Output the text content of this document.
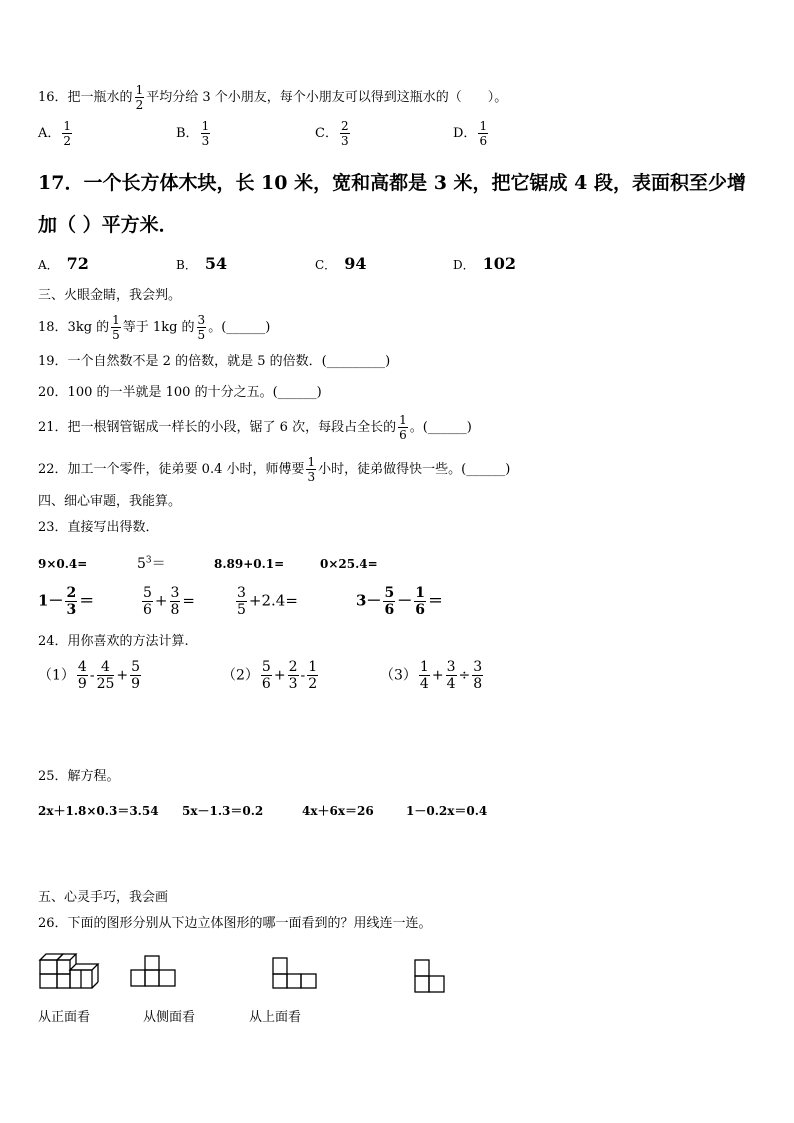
16．把一瓶水的 $\frac{1}{2}$ 平均分给 3 个小朋友，每个小朋友可以得到这瓶水的（　　）。
A． $\frac{1}{2}$	B． $\frac{1}{3}$	C． $\frac{2}{3}$	D． $\frac{1}{6}$
17．一个长方体木块，长 10 米，宽和高都是 3 米，把它锯成 4 段，表面积至少增
加（ ）平方米．
A． 72	B． 54	C． 94	D． 102
三、火眼金睛，我会判。
18．3kg 的 $\frac{1}{5}$ 等于 1kg 的 $\frac{3}{5}$ 。(______)
19．一个自然数不是 2 的倍数，就是 5 的倍数．(_________)
20．100 的一半就是 100 的十分之五。(______)
21．把一根钢管锯成一样长的小段，锯了 6 次，每段占全长的 $\frac{1}{6}$ 。(______)
22．加工一个零件，徒弟要 0.4 小时，师傅要 $\frac{1}{3}$ 小时，徒弟做得快一些。(______)
四、细心审题，我能算。
23．直接写出得数．
9×0.4=	$5^3=$	8.89+0.1=	0×25.4=
$1- \frac{2}{3}$ ＝	$\frac{5}{6} + \frac{3}{8}$ =	$\frac{3}{5} +2.4=$	$3- \frac{5}{6} - \frac{1}{6}$ ＝
24．用你喜欢的方法计算.
$(1) \frac{4}{9} - \frac{4}{25} + \frac{5}{9}$	$(2) \frac{5}{6} + \frac{2}{3} - \frac{1}{2}$	$(3) \frac{1}{4} + \frac{3}{4} \div \frac{3}{8}$
25．解方程。
2x＋1.8×0.3＝3.54 5x－1.3＝0.2	4x＋6x＝26	1－0.2x＝0.4
五、心灵手巧，我会画
26．下面的图形分别从下边立体图形的哪一面看到的？用线连一连。
从正面看	从侧面看	从上面看
